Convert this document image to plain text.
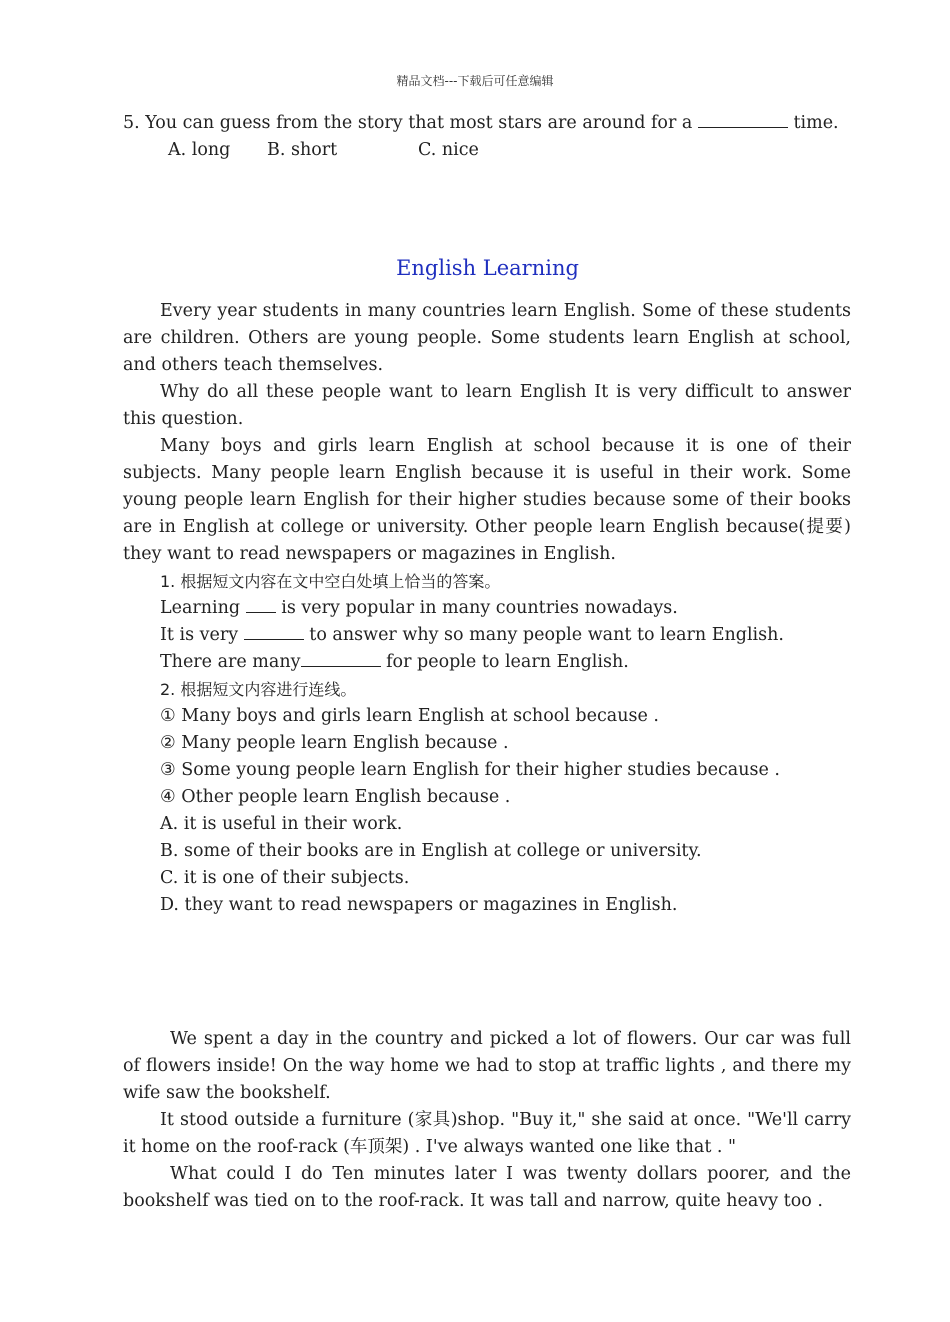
精品文档---下载后可任意编辑
5. You can guess from the story that most stars are around for a	time.
A. long B. short	C. nice
English Learning

Every year students in many countries learn English. Some of these students are children. Others are young people. Some students learn English at school, and others teach themselves.

Why do all these people want to learn English It is very difficult to answer this question.

Many boys and girls learn English at school because it is one of their subjects. Many people learn English because it is useful in their work. Some young people learn English for their higher studies because some of their books are in English at college or university. Other people learn English because(提要) they want to read newspapers or magazines in English.

1. 根据短文内容在文中空白处填上恰当的答案。
Learning  is very popular in many countries nowadays.
It is very	to answer why so many people want to learn English.
There are many	for people to learn English.
2. 根据短文内容进行连线。
① Many boys and girls learn English at school because .
② Many people learn English because .
③ Some young people learn English for their higher studies because .
④ Other people learn English because .
A. it is useful in their work.
B. some of their books are in English at college or university.
C. it is one of their subjects.
D. they want to read newspapers or magazines in English.

We spent a day in the country and picked a lot of flowers. Our car was full of flowers inside! On the way home we had to stop at traffic lights , and there my wife saw the bookshelf.

It stood outside a furniture (家具)shop. "Buy it," she said at once. "We'll carry it home on the roof-rack (车顶架) . I've always wanted one like that . "

What could I do Ten minutes later I was twenty dollars poorer, and the bookshelf was tied on to the roof-rack. It was tall and narrow, quite heavy too .
